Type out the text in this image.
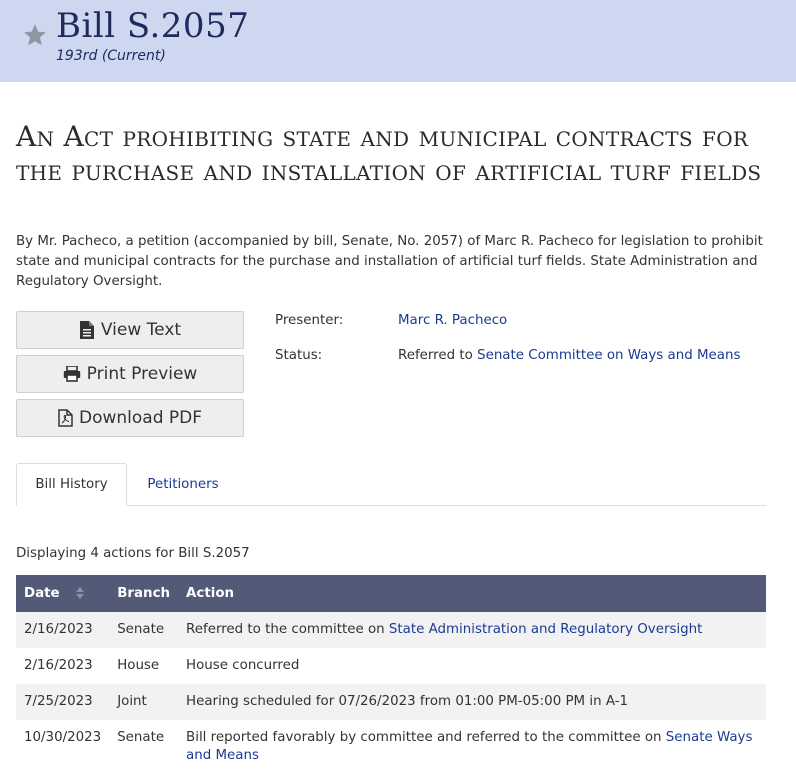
Bill S.2057
193rd (Current)
An Act prohibiting state and municipal contracts for the purchase and installation of artificial turf fields

By Mr. Pacheco, a petition (accompanied by bill, Senate, No. 2057) of Marc R. Pacheco for legislation to prohibit state and municipal contracts for the purchase and installation of artificial turf fields. State Administration and Regulatory Oversight.

View Text
Print Preview
Download PDF
Presenter:	Marc R. Pacheco
Status:	Referred to Senate Committee on Ways and Means
Bill History	Petitioners
Displaying 4 actions for Bill S.2057
Date	Branch	Action
2/16/2023	Senate	Referred to the committee on State Administration and Regulatory Oversight
2/16/2023	House	House concurred
7/25/2023	Joint	Hearing scheduled for 07/26/2023 from 01:00 PM-05:00 PM in A-1
10/30/2023	Senate	Bill reported favorably by committee and referred to the committee on Senate Ways and Means
